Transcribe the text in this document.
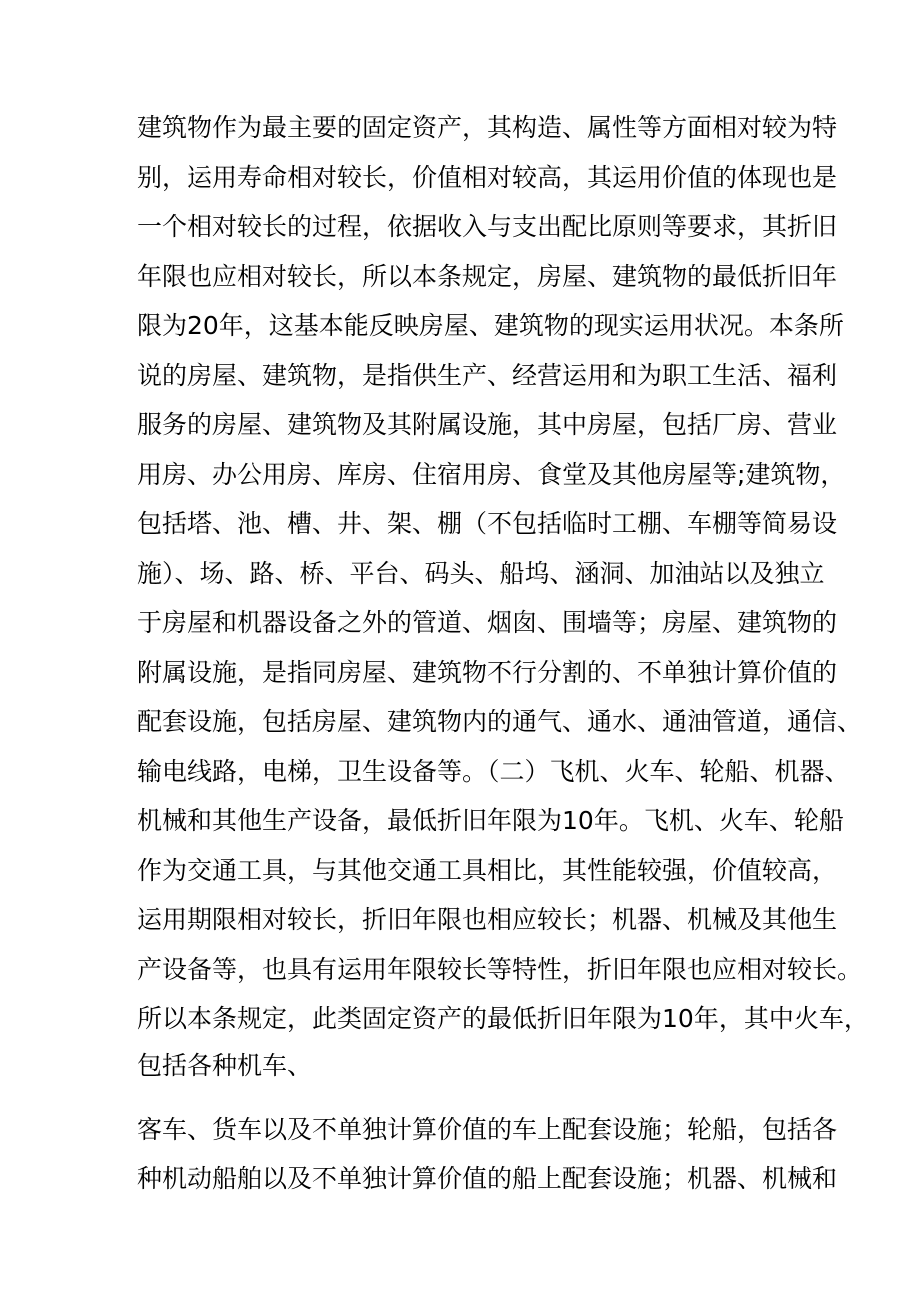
建筑物作为最主要的固定资产，其构造、属性等方面相对较为特
别，运用寿命相对较长，价值相对较高，其运用价值的体现也是
一个相对较长的过程，依据收入与支出配比原则等要求，其折旧
年限也应相对较长，所以本条规定，房屋、建筑物的最低折旧年
限为20年，这基本能反映房屋、建筑物的现实运用状况。本条所
说的房屋、建筑物，是指供生产、经营运用和为职工生活、福利
服务的房屋、建筑物及其附属设施，其中房屋，包括厂房、营业
用房、办公用房、库房、住宿用房、食堂及其他房屋等;建筑物，
包括塔、池、槽、井、架、棚（不包括临时工棚、车棚等简易设
施）、场、路、桥、平台、码头、船坞、涵洞、加油站以及独立
于房屋和机器设备之外的管道、烟囱、围墙等；房屋、建筑物的
附属设施，是指同房屋、建筑物不行分割的、不单独计算价值的
配套设施，包括房屋、建筑物内的通气、通水、通油管道，通信、
输电线路，电梯，卫生设备等。（二）飞机、火车、轮船、机器、
机械和其他生产设备，最低折旧年限为10年。飞机、火车、轮船
作为交通工具，与其他交通工具相比，其性能较强，价值较高，
运用期限相对较长，折旧年限也相应较长；机器、机械及其他生
产设备等，也具有运用年限较长等特性，折旧年限也应相对较长。
所以本条规定，此类固定资产的最低折旧年限为10年，其中火车，
包括各种机车、
客车、货车以及不单独计算价值的车上配套设施；轮船，包括各
种机动船舶以及不单独计算价值的船上配套设施；机器、机械和
